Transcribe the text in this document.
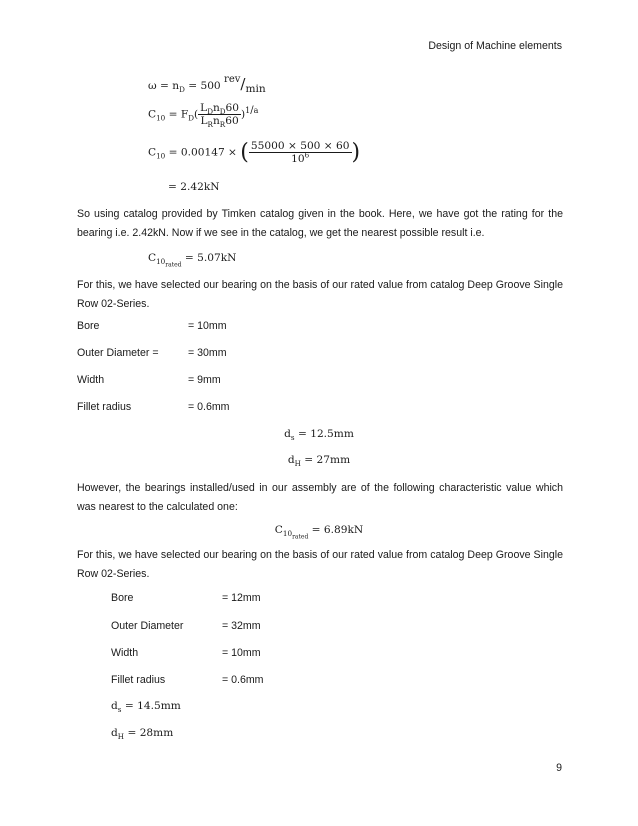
Design of Machine elements
$\omega = n_D = 500$ $^{rev}$/min
$C_{10} = F_D( \frac{L_Dn_D60}{L_Rn_R60} )^{1/a}$
$C_{10} = 0.00147$ × ( $\frac{55000 \times 500 \times 60}{10^6}$ )
= 2.42kN
So using catalog provided by Timken catalog given in the book. Here, we have got the rating for the bearing i.e. 2.42kN. Now if we see in the catalog, we get the nearest possible result i.e.
$C_{10_{rated}} = 5.07kN$
For this, we have selected our bearing on the basis of our rated value from catalog Deep Groove Single Row 02-Series.
Bore	= 10mm
Outer Diameter =	= 30mm
Width	= 9mm
Fillet radius	= 0.6mm
$d_s = 12.5mm$
$d_H = 27mm$
However, the bearings installed/used in our assembly are of the following characteristic value which was nearest to the calculated one:
$C_{10_{rated}} = 6.89kN$
For this, we have selected our bearing on the basis of our rated value from catalog Deep Groove Single Row 02-Series.
Bore	= 12mm
Outer Diameter	= 32mm
Width	= 10mm
Fillet radius	= 0.6mm
$d_s = 14.5mm$
$d_H = 28mm$
9
